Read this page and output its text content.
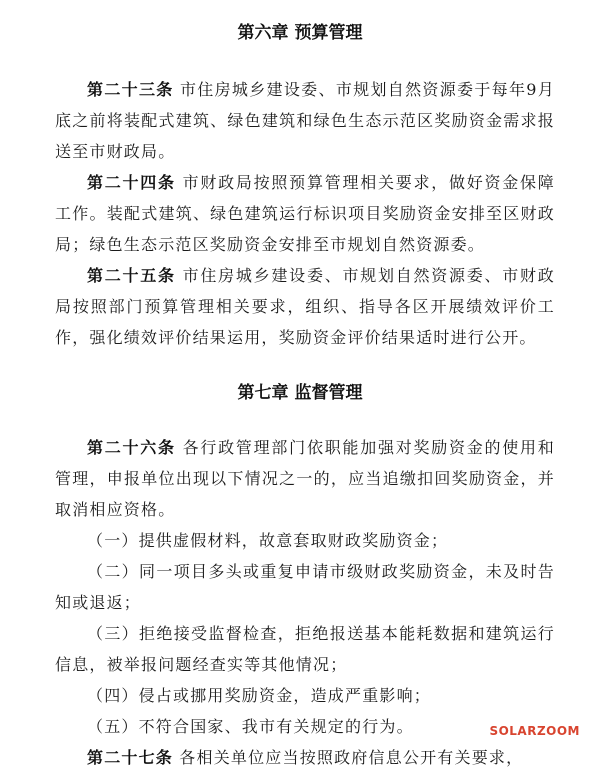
第六章 预算管理
第二十三条 市住房城乡建设委、市规划自然资源委于每年9月底之前将装配式建筑、绿色建筑和绿色生态示范区奖励资金需求报送至市财政局。
第二十四条 市财政局按照预算管理相关要求，做好资金保障工作。装配式建筑、绿色建筑运行标识项目奖励资金安排至区财政局；绿色生态示范区奖励资金安排至市规划自然资源委。
第二十五条 市住房城乡建设委、市规划自然资源委、市财政局按照部门预算管理相关要求，组织、指导各区开展绩效评价工作，强化绩效评价结果运用，奖励资金评价结果适时进行公开。
第七章 监督管理
第二十六条 各行政管理部门依职能加强对奖励资金的使用和管理，申报单位出现以下情况之一的，应当追缴扣回奖励资金，并取消相应资格。
（一）提供虚假材料，故意套取财政奖励资金；
（二）同一项目多头或重复申请市级财政奖励资金，未及时告知或退返；
（三）拒绝接受监督检查，拒绝报送基本能耗数据和建筑运行信息，被举报问题经查实等其他情况；
（四）侵占或挪用奖励资金，造成严重影响；
（五）不符合国家、我市有关规定的行为。
第二十七条 各相关单位应当按照政府信息公开有关要求，
SOLARZOOM
